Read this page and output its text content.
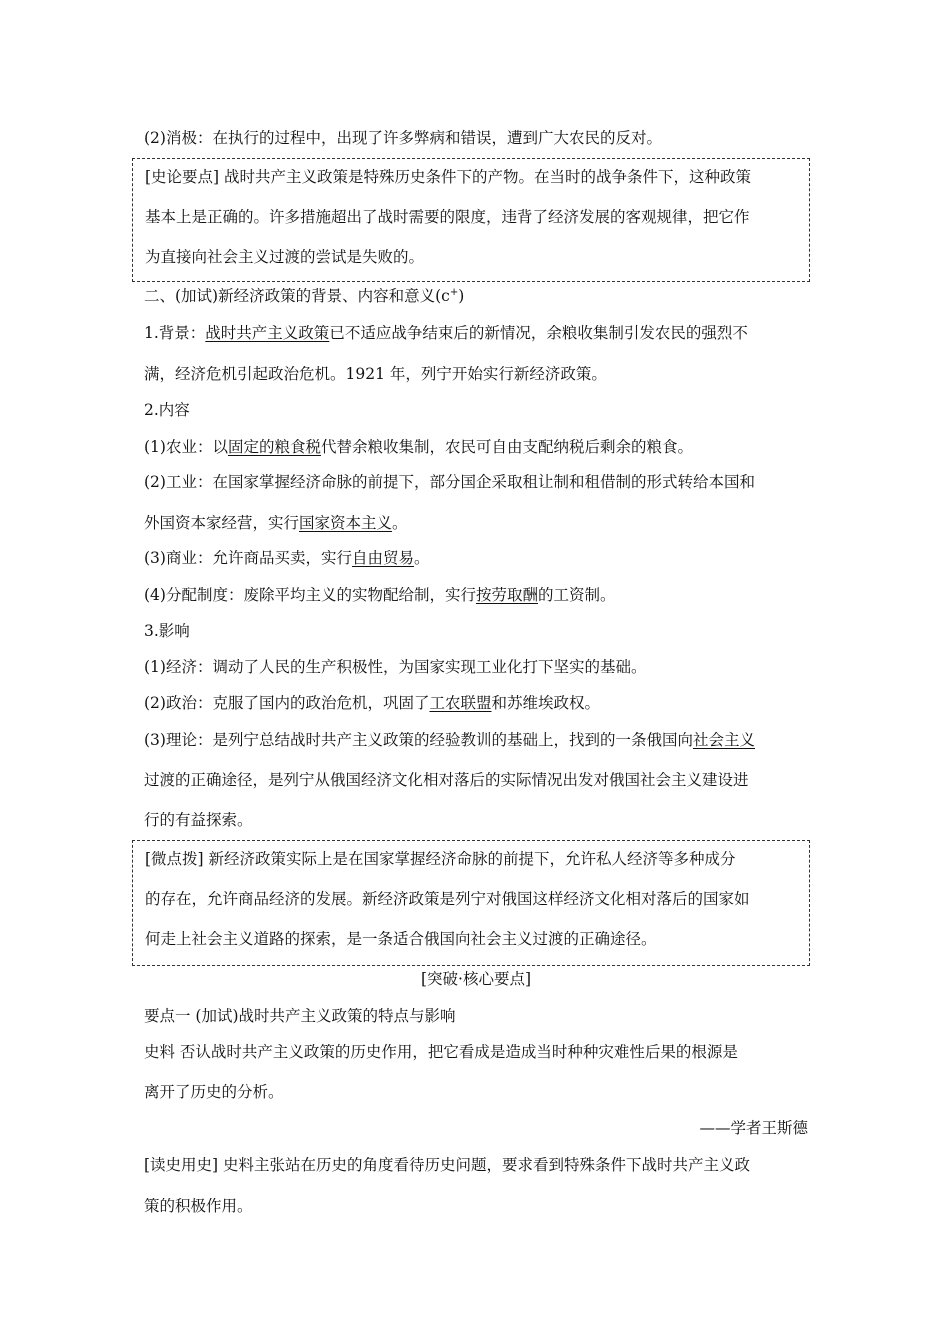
(2)消极：在执行的过程中，出现了许多弊病和错误，遭到广大农民的反对。
[史论要点] 战时共产主义政策是特殊历史条件下的产物。在当时的战争条件下，这种政策
基本上是正确的。许多措施超出了战时需要的限度，违背了经济发展的客观规律，把它作
为直接向社会主义过渡的尝试是失败的。
二、(加试)新经济政策的背景、内容和意义(c+)
1.背景：战时共产主义政策已不适应战争结束后的新情况，余粮收集制引发农民的强烈不
满，经济危机引起政治危机。1921 年，列宁开始实行新经济政策。
2.内容
(1)农业：以固定的粮食税代替余粮收集制，农民可自由支配纳税后剩余的粮食。
(2)工业：在国家掌握经济命脉的前提下，部分国企采取租让制和租借制的形式转给本国和
外国资本家经营，实行国家资本主义。
(3)商业：允许商品买卖，实行自由贸易。
(4)分配制度：废除平均主义的实物配给制，实行按劳取酬的工资制。
3.影响
(1)经济：调动了人民的生产积极性，为国家实现工业化打下坚实的基础。
(2)政治：克服了国内的政治危机，巩固了工农联盟和苏维埃政权。
(3)理论：是列宁总结战时共产主义政策的经验教训的基础上，找到的一条俄国向社会主义
过渡的正确途径，是列宁从俄国经济文化相对落后的实际情况出发对俄国社会主义建设进
行的有益探索。
[微点拨] 新经济政策实际上是在国家掌握经济命脉的前提下，允许私人经济等多种成分
的存在，允许商品经济的发展。新经济政策是列宁对俄国这样经济文化相对落后的国家如
何走上社会主义道路的探索，是一条适合俄国向社会主义过渡的正确途径。
[突破·核心要点]
要点一 (加试)战时共产主义政策的特点与影响
史料 否认战时共产主义政策的历史作用，把它看成是造成当时种种灾难性后果的根源是
离开了历史的分析。
——学者王斯德
[读史用史] 史料主张站在历史的角度看待历史问题，要求看到特殊条件下战时共产主义政
策的积极作用。
